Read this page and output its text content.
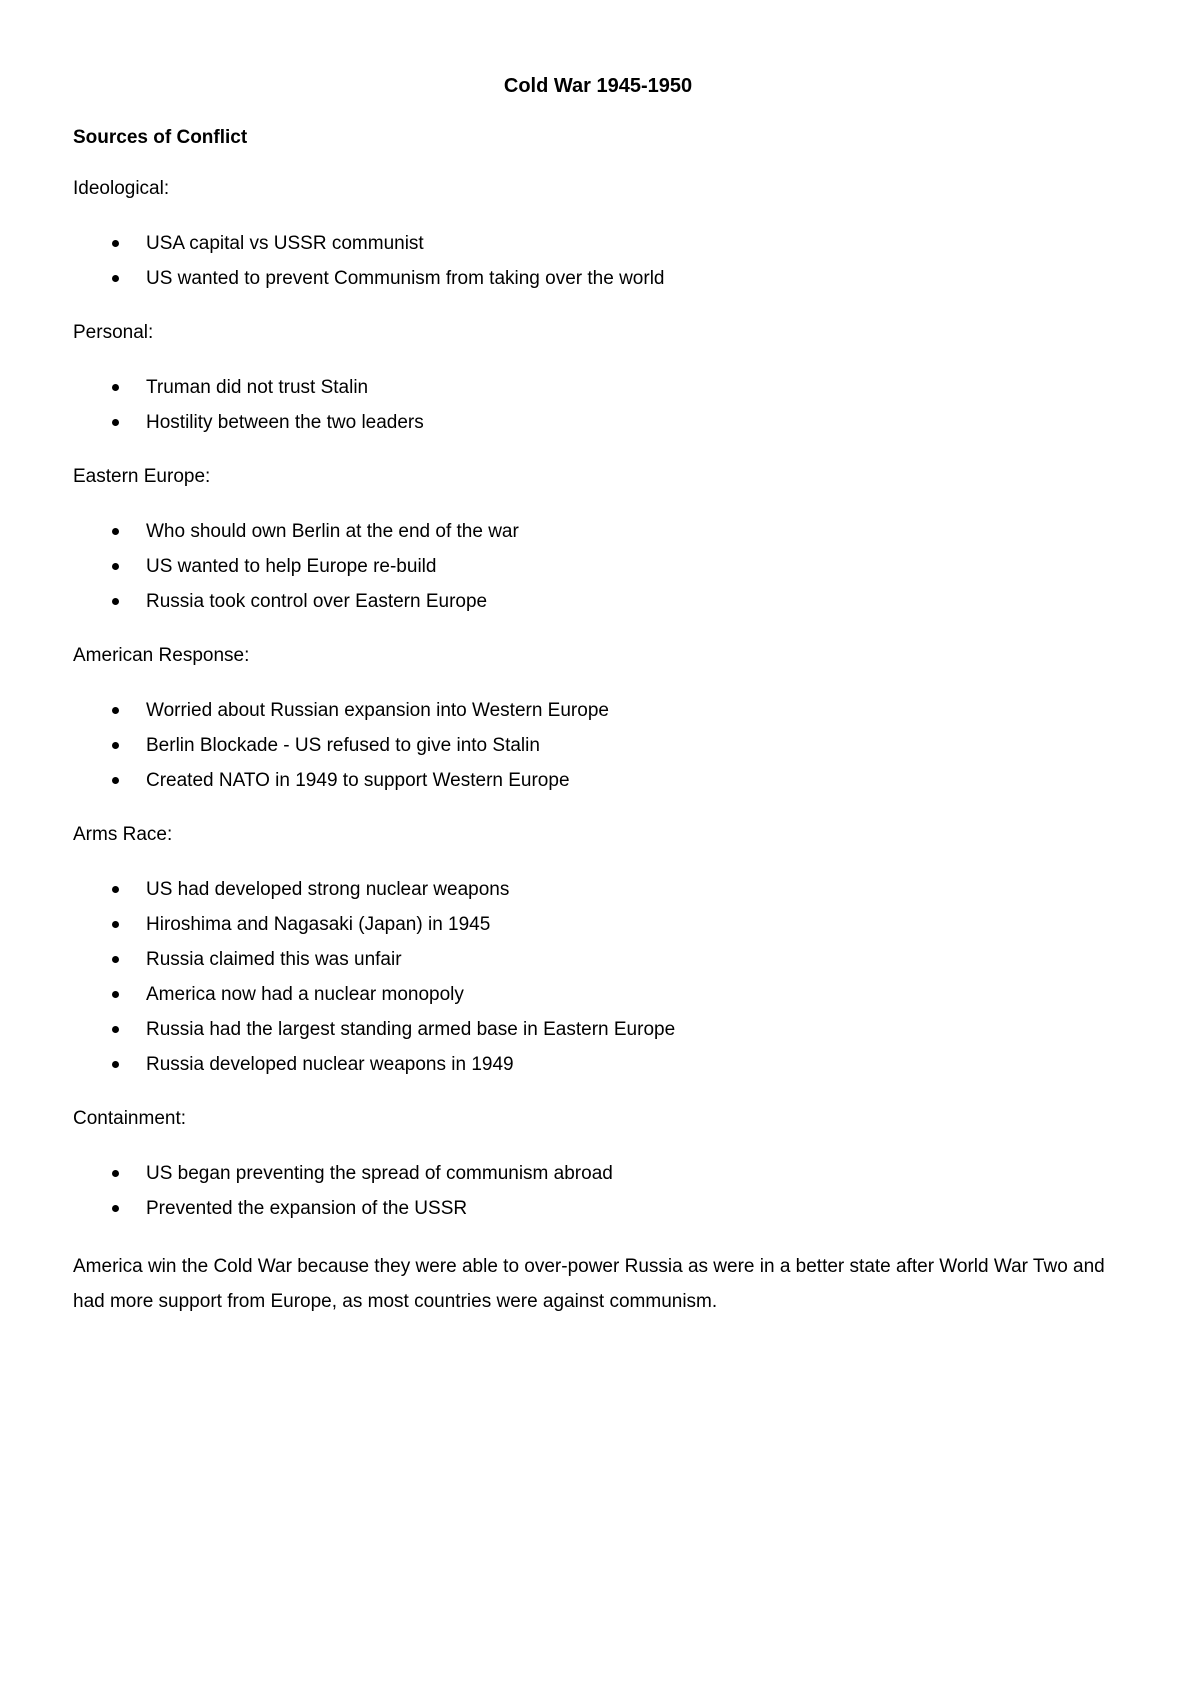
Cold War 1945-1950
Sources of Conflict
Ideological:
USA capital vs USSR communist
US wanted to prevent Communism from taking over the world
Personal:
Truman did not trust Stalin
Hostility between the two leaders
Eastern Europe:
Who should own Berlin at the end of the war
US wanted to help Europe re-build
Russia took control over Eastern Europe
American Response:
Worried about Russian expansion into Western Europe
Berlin Blockade - US refused to give into Stalin
Created NATO in 1949 to support Western Europe
Arms Race:
US had developed strong nuclear weapons
Hiroshima and Nagasaki (Japan) in 1945
Russia claimed this was unfair
America now had a nuclear monopoly
Russia had the largest standing armed base in Eastern Europe
Russia developed nuclear weapons in 1949
Containment:
US began preventing the spread of communism abroad
Prevented the expansion of the USSR

America win the Cold War because they were able to over-power Russia as were in a better state after World War Two and had more support from Europe, as most countries were against communism.
